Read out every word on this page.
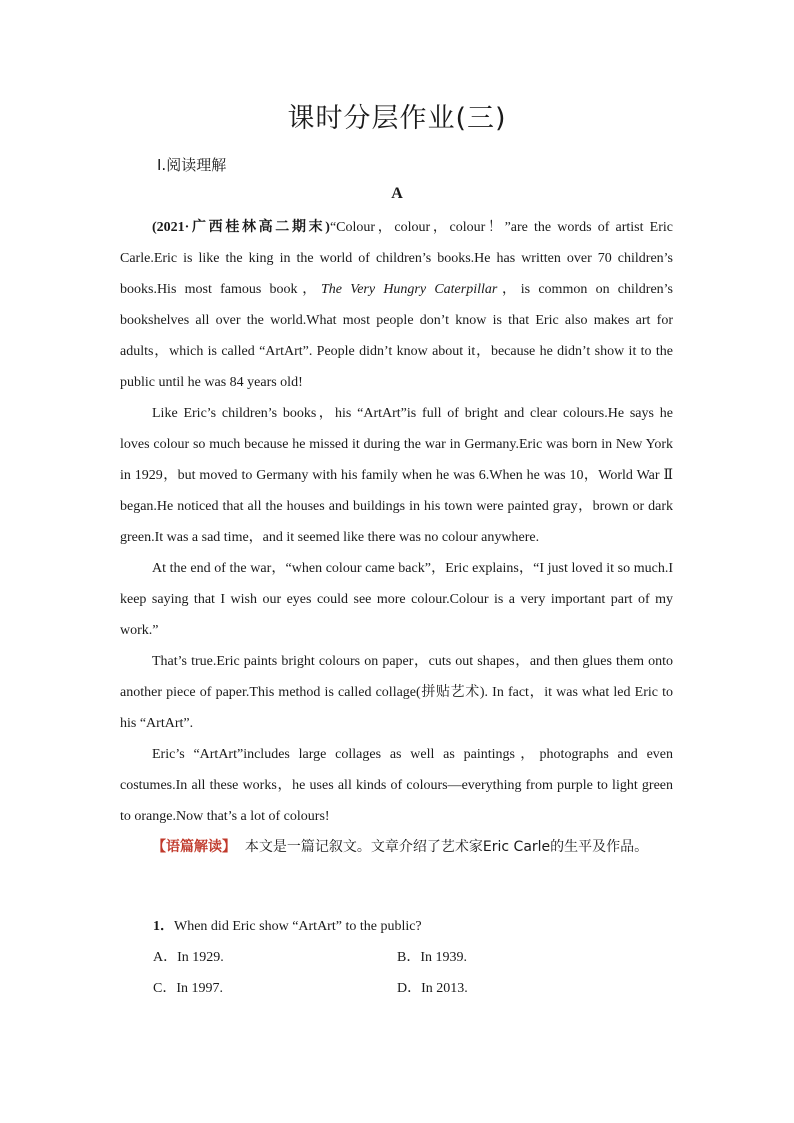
课时分层作业(三)
Ⅰ.阅读理解
A

(2021·广西桂林高二期末)“Colour，colour，colour！”are the words of artist Eric Carle.Eric is like the king in the world of children’s books.He has written over 70 children’s books.His most famous book，The Very Hungry Caterpillar，is common on children’s bookshelves all over the world.What most people don’t know is that Eric also makes art for adults，which is called “ArtArt”. People didn’t know about it，because he didn’t show it to the public until he was 84 years old!

Like Eric’s children’s books，his “ArtArt”is full of bright and clear colours.He says he loves colour so much because he missed it during the war in Germany.Eric was born in New York in 1929，but moved to Germany with his family when he was 6.When he was 10，World War Ⅱ began.He noticed that all the houses and buildings in his town were painted gray，brown or dark green.It was a sad time，and it seemed like there was no colour anywhere.

At the end of the war，“when colour came back”，Eric explains，“I just loved it so much.I keep saying that I wish our eyes could see more colour.Colour is a very important part of my work.”

That’s true.Eric paints bright colours on paper，cuts out shapes，and then glues them onto another piece of paper.This method is called collage(拼贴艺术). In fact，it was what led Eric to his “ArtArt”.

Eric’s “ArtArt”includes large collages as well as paintings，photographs and even costumes.In all these works，he uses all kinds of colours—everything from purple to light green to orange.Now that’s a lot of colours!

【语篇解读】 本文是一篇记叙文。文章介绍了艺术家Eric Carle的生平及作品。

1．When did Eric show “ArtArt” to the public?
A．In 1929.	B．In 1939.
C．In 1997.	D．In 2013.
